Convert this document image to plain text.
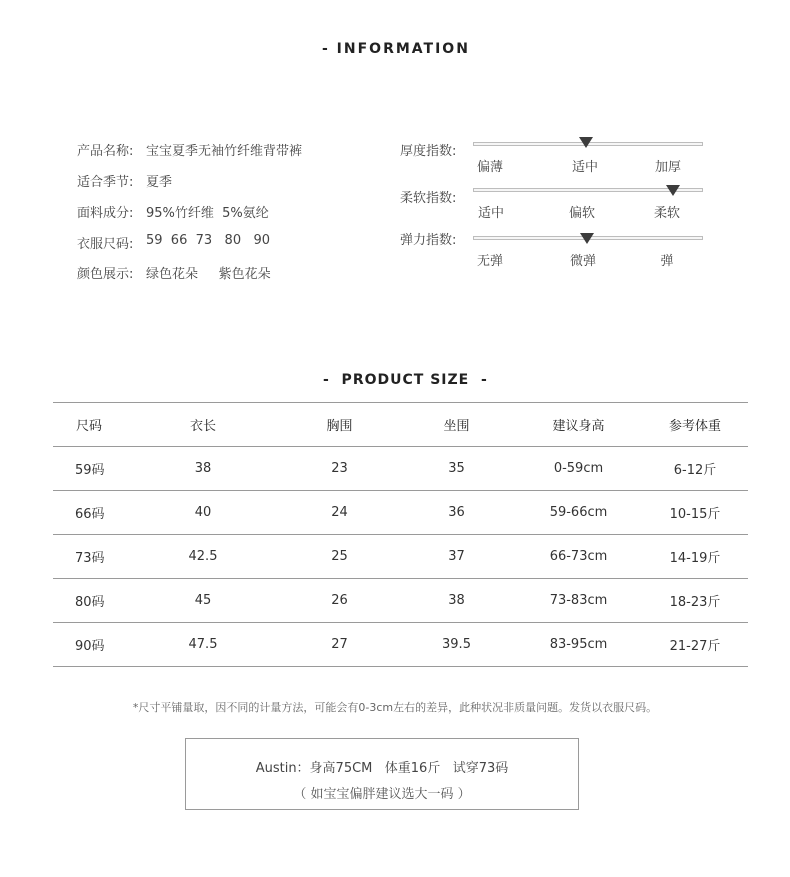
- INFORMATION
产品名称: 宝宝夏季无袖竹纤维背带裤
适合季节: 夏季
面料成分: 95%竹纤维  5%氨纶
衣服尺码: 59  66  73   80   90
颜色展示: 绿色花朵     紫色花朵
厚度指数:
偏薄	适中	加厚
柔软指数:
适中	偏软	柔软
弹力指数:
无弹	微弹	弹
-  PRODUCT SIZE  -
尺码	衣长	胸围	坐围	建议身高	参考体重
59码	38	23	35	0-59cm	6-12斤
66码	40	24	36	59-66cm	10-15斤
73码	42.5	25	37	66-73cm	14-19斤
80码	45	26	38	73-83cm	18-23斤
90码	47.5	27	39.5	83-95cm	21-27斤
*尺寸平铺量取，因不同的计量方法，可能会有0-3cm左右的差异，此种状况非质量问题。发货以衣服尺码。
Austin：身高75CM   体重16斤   试穿73码
（ 如宝宝偏胖建议选大一码 ）
